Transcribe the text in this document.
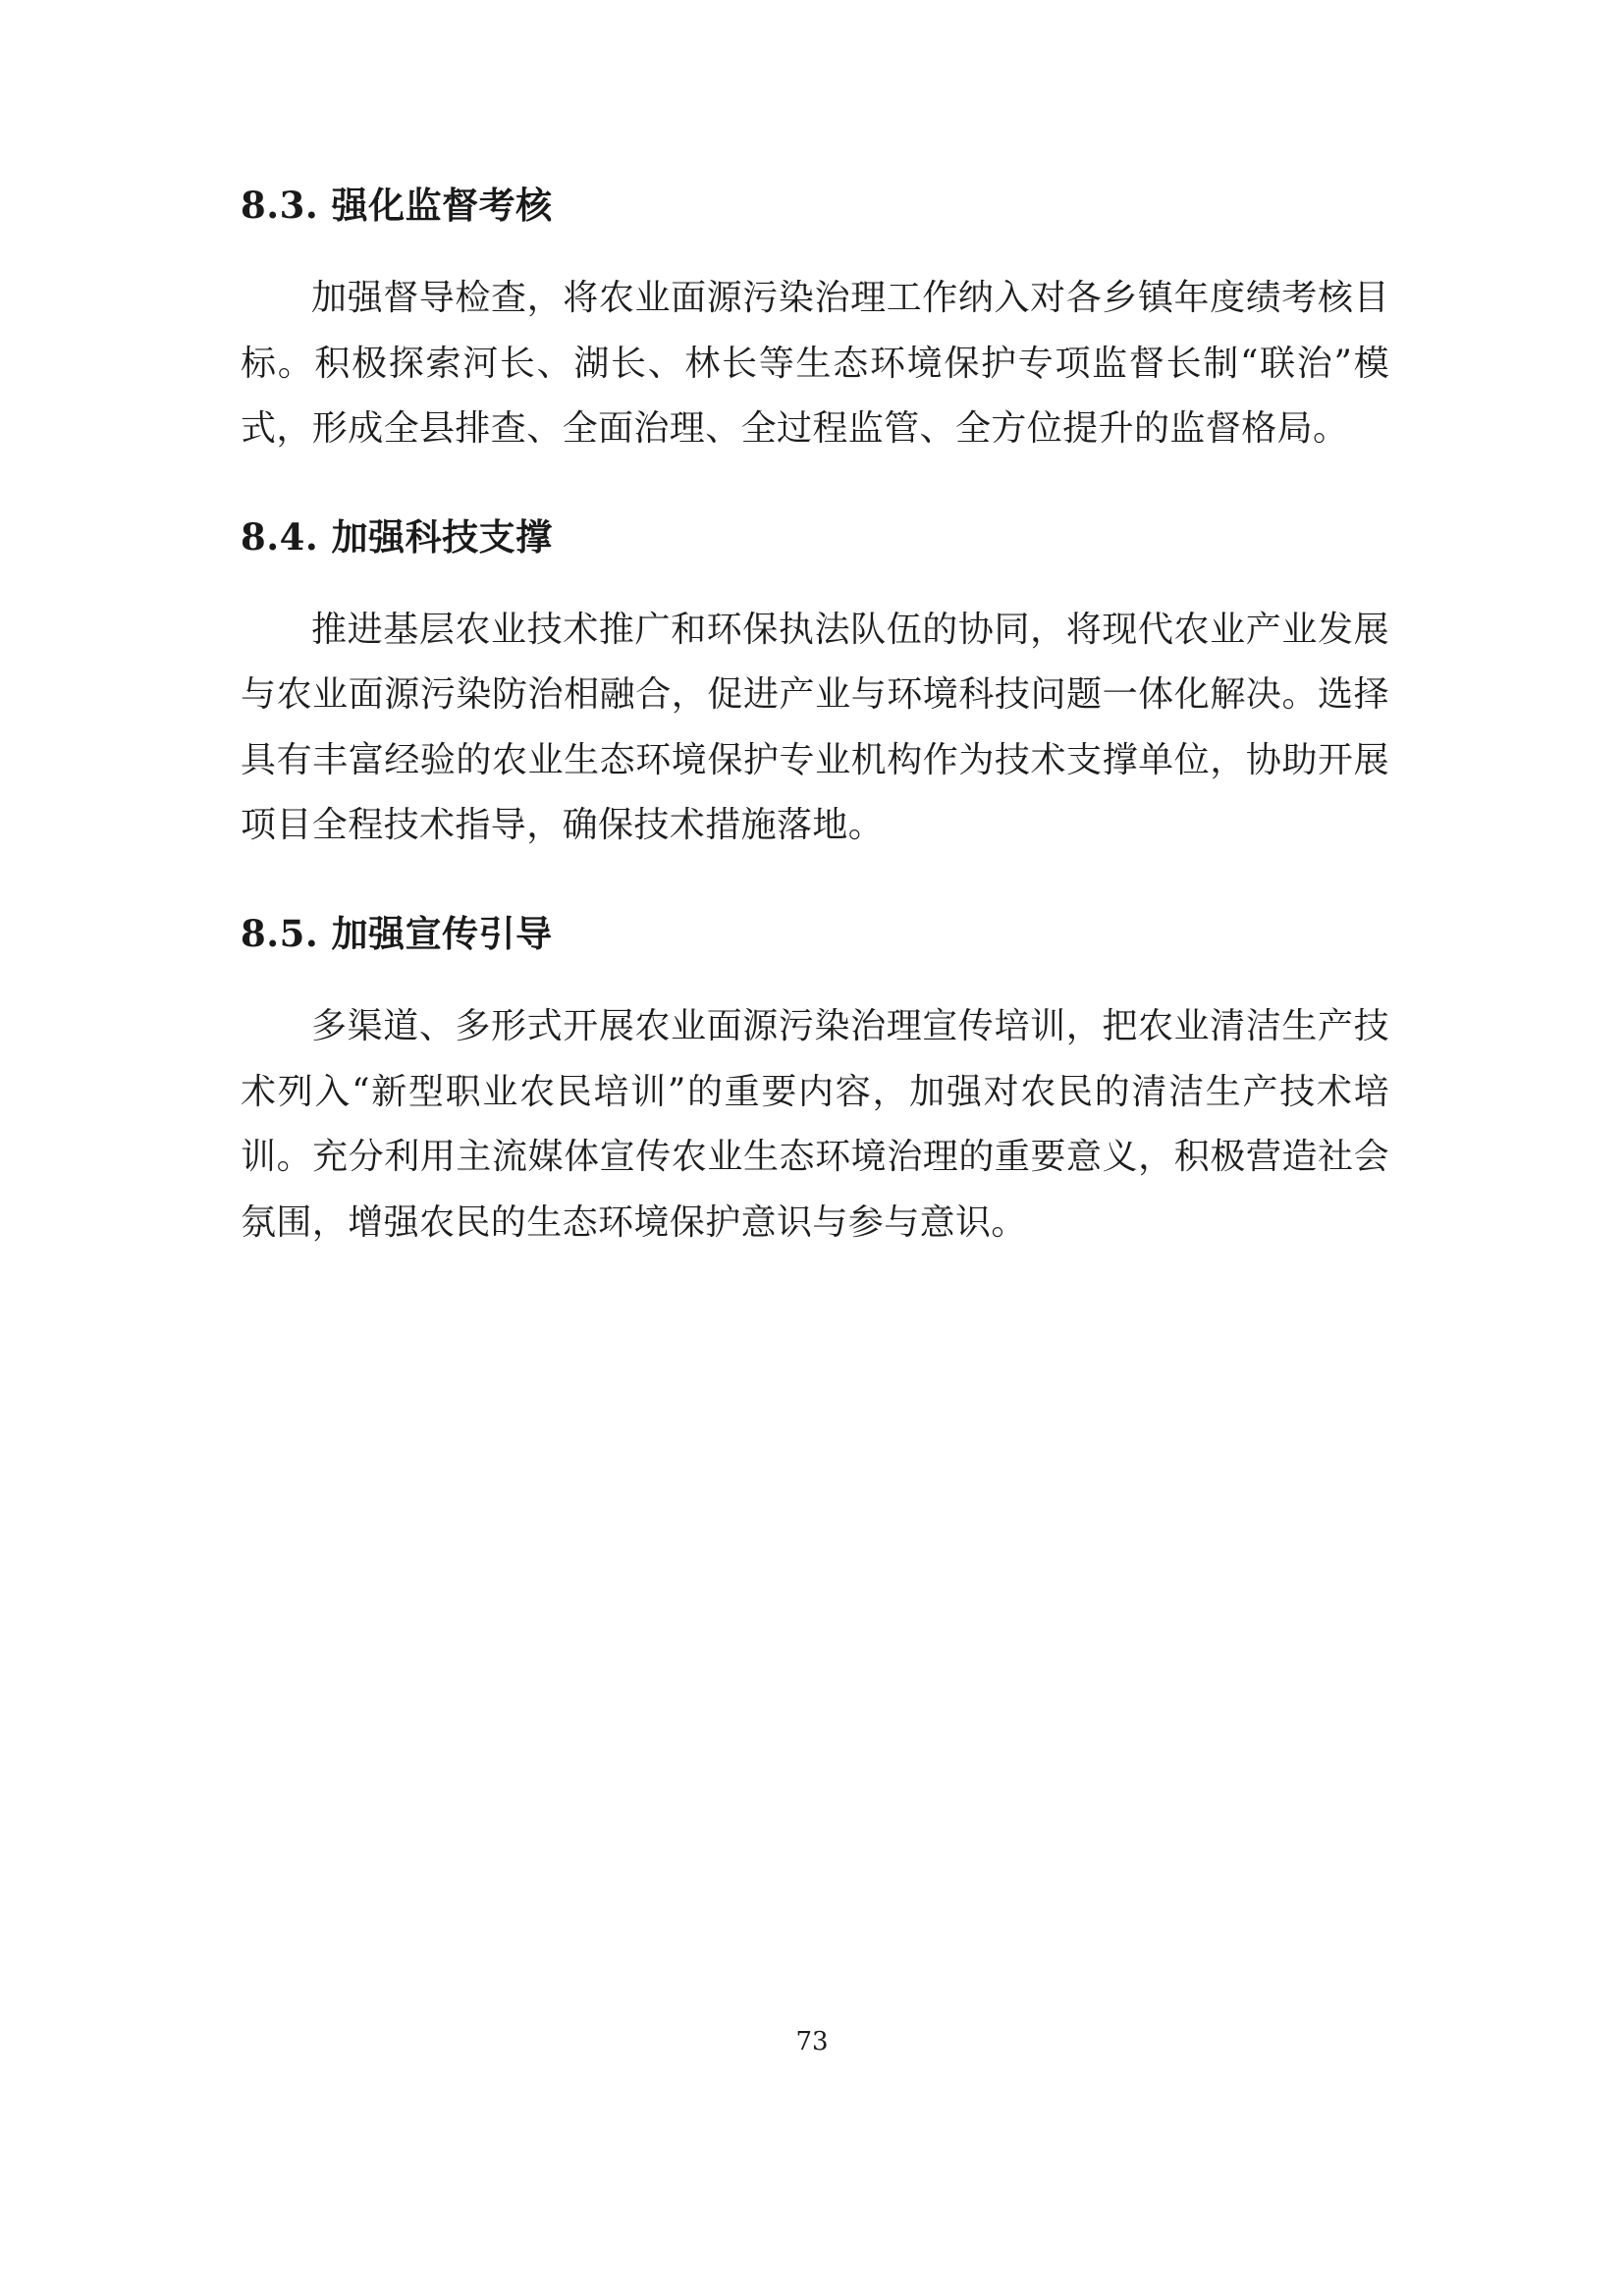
8.3. 强化监督考核

加强督导检查，将农业面源污染治理工作纳入对各乡镇年度绩考核目标。积极探索河长、湖长、林长等生态环境保护专项监督长制“联治”模式，形成全县排查、全面治理、全过程监管、全方位提升的监督格局。

8.4. 加强科技支撑

推进基层农业技术推广和环保执法队伍的协同，将现代农业产业发展与农业面源污染防治相融合，促进产业与环境科技问题一体化解决。选择具有丰富经验的农业生态环境保护专业机构作为技术支撑单位，协助开展项目全程技术指导，确保技术措施落地。

8.5. 加强宣传引导

多渠道、多形式开展农业面源污染治理宣传培训，把农业清洁生产技术列入“新型职业农民培训”的重要内容，加强对农民的清洁生产技术培训。充分利用主流媒体宣传农业生态环境治理的重要意义，积极营造社会氛围，增强农民的生态环境保护意识与参与意识。

73
